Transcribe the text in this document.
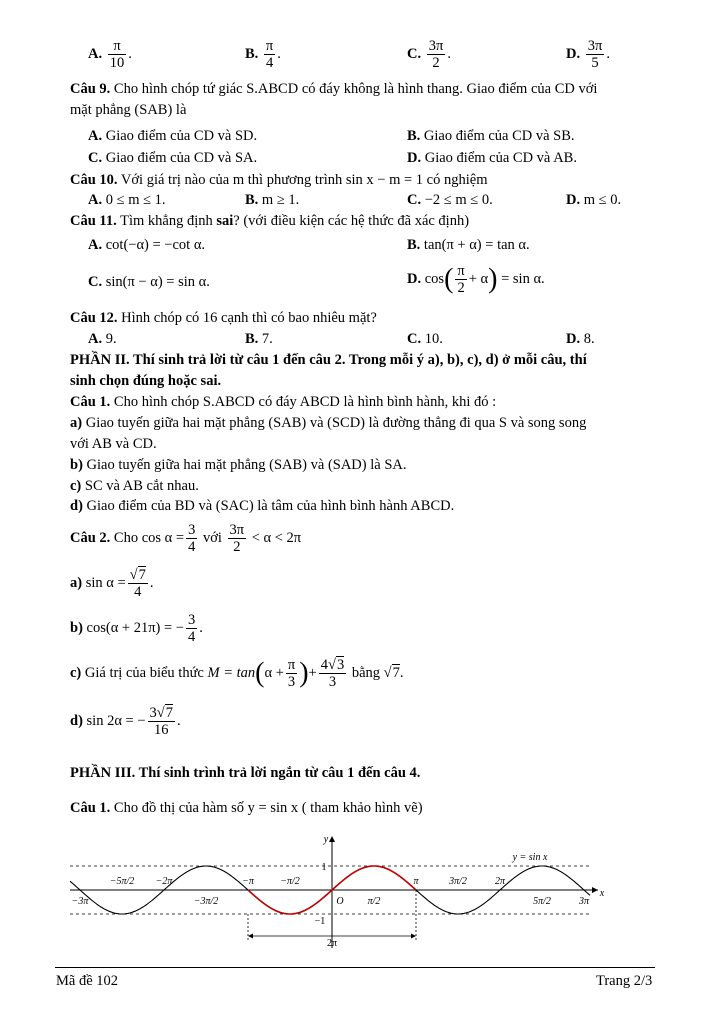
A. $\frac{\pi}{10}$ .	B. $\frac{\pi}{4}$ .	C. $\frac{3\pi}{2}$ .	D. $\frac{3\pi}{5}$ .
Câu 9. Cho hình chóp tứ giác S.ABCD có đáy không là hình thang. Giao điểm của CD với
mặt phẳng (SAB) là
A. Giao điểm của CD và SD.	B. Giao điểm của CD và SB.
C. Giao điểm của CD và SA.	D. Giao điểm của CD và AB.
Câu 10. Với giá trị nào của m thì phương trình sin x − m = 1 có nghiệm
A. 0 ≤ m ≤ 1.	B. m ≥ 1.	C. −2 ≤ m ≤ 0.	D. m ≤ 0.
Câu 11. Tìm khẳng định sai? (với điều kiện các hệ thức đã xác định)
A. cot(−α) = −cot α.	B. tan(π + α) = tan α.
C. sin(π − α) = sin α.	D. $\cos( \frac{\pi}{2} + \alpha) = \sin \alpha$.
Câu 12. Hình chóp có 16 cạnh thì có bao nhiêu mặt?
A. 9.	B. 7.	C. 10.	D. 8.
PHẦN II. Thí sinh trả lời từ câu 1 đến câu 2. Trong mỗi ý a), b), c), d) ở mỗi câu, thí
sinh chọn đúng hoặc sai.
Câu 1. Cho hình chóp S.ABCD có đáy ABCD là hình bình hành, khi đó :
a) Giao tuyến giữa hai mặt phẳng (SAB) và (SCD) là đường thẳng đi qua S và song song
với AB và CD.
b) Giao tuyến giữa hai mặt phẳng (SAB) và (SAD) là SA.
c) SC và AB cắt nhau.
d) Giao điểm của BD và (SAC) là tâm của hình bình hành ABCD.
Câu 2. Cho $\cos \alpha = \frac{3}{4}$ với $\frac{3\pi}{2} < \alpha < 2\pi$
a) $\sin \alpha = \frac{√7}{4}$ .
b) cos(α + 21π) = − $\frac{3}{4}$ .
c) Giá trị của biểu thức $M = \tan(\alpha + \frac{\pi}{3}$ )+ $\frac{4√3}{3}$ bằng √7.
d) sin 2α = − $\frac{3√7}{16}$ .
PHẦN III. Thí sinh trình trả lời ngắn từ câu 1 đến câu 4.
Câu 1. Cho đồ thị của hàm số y = sin x ( tham khảo hình vẽ)
2π
y
x
1
−1
O
y = sin x
−5π/2 −2π	−π	−π/2	π	3π/2	2π
−3π	−3π/2	π/2	5π/2	3π
Mã đề 102	Trang 2/3
